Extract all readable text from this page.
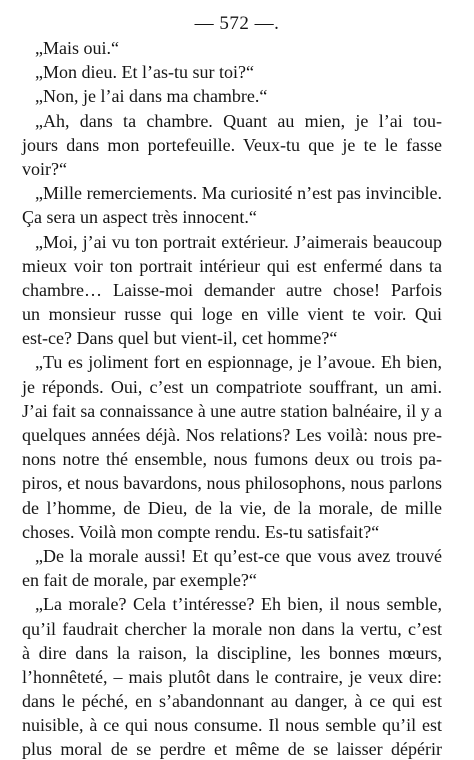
— 572 —.
„Mais oui.“
„Mon dieu. Et l’as-tu sur toi?“
„Non, je l’ai dans ma chambre.“
„Ah, dans ta chambre. Quant au mien, je l’ai tou-
jours dans mon portefeuille. Veux-tu que je te le fasse
voir?“
„Mille remerciements. Ma curiosité n’est pas invincible.
Ça sera un aspect très innocent.“
„Moi, j’ai vu ton portrait extérieur. J’aimerais beaucoup
mieux voir ton portrait intérieur qui est enfermé dans ta
chambre… Laisse-moi demander autre chose! Parfois
un monsieur russe qui loge en ville vient te voir. Qui
est-ce? Dans quel but vient-il, cet homme?“
„Tu es joliment fort en espionnage, je l’avoue. Eh bien,
je réponds. Oui, c’est un compatriote souffrant, un ami.
J’ai fait sa connaissance à une autre station balnéaire, il y a
quelques années déjà. Nos relations? Les voilà: nous pre-
nons notre thé ensemble, nous fumons deux ou trois pa-
piros, et nous bavardons, nous philosophons, nous parlons
de l’homme, de Dieu, de la vie, de la morale, de mille
choses. Voilà mon compte rendu. Es-tu satisfait?“
„De la morale aussi! Et qu’est-ce que vous avez trouvé
en fait de morale, par exemple?“
„La morale? Cela t’intéresse? Eh bien, il nous semble,
qu’il faudrait chercher la morale non dans la vertu, c’est
à dire dans la raison, la discipline, les bonnes mœurs,
l’honnêteté, – mais plutôt dans le contraire, je veux dire:
dans le péché, en s’abandonnant au danger, à ce qui est
nuisible, à ce qui nous consume. Il nous semble qu’il est
plus moral de se perdre et même de se laisser dépérir
